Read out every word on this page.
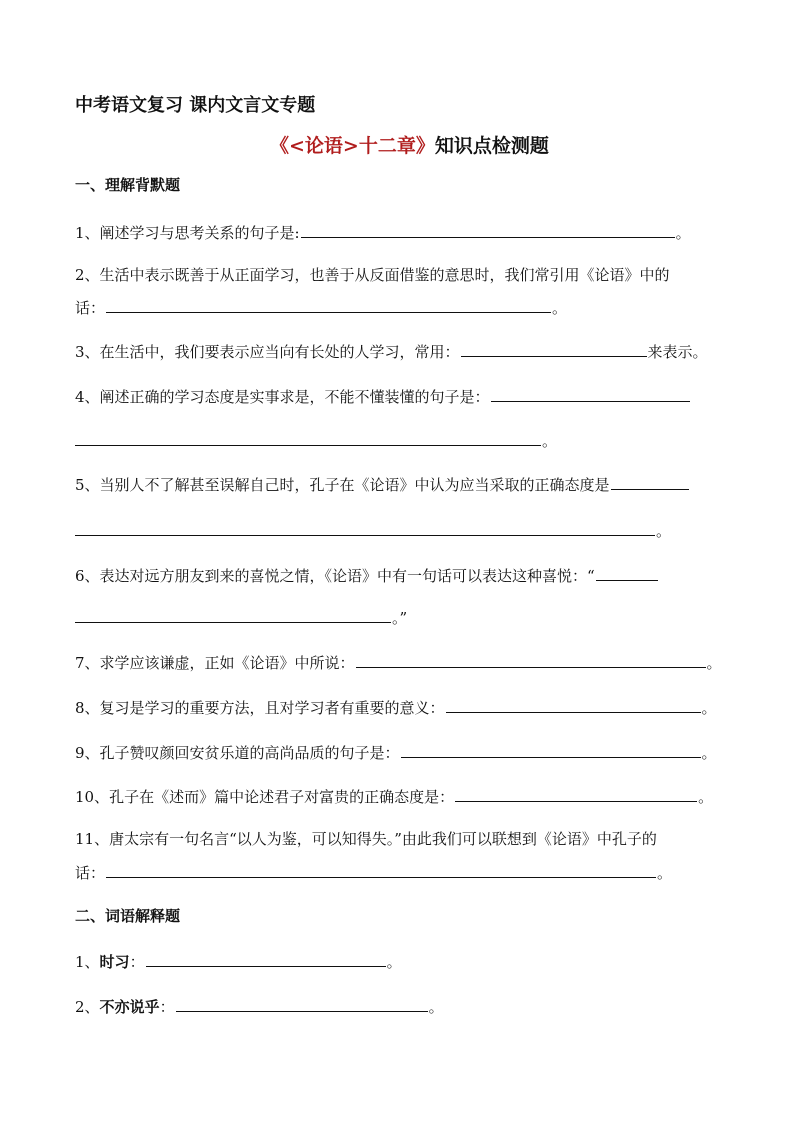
中考语文复习 课内文言文专题
《<论语>十二章》知识点检测题
一、理解背默题
1、阐述学习与思考关系的句子是:	。
2、生活中表示既善于从正面学习，也善于从反面借鉴的意思时，我们常引用《论语》中的
话：	。
3、在生活中，我们要表示应当向有长处的人学习，常用：	来表示。
4、阐述正确的学习态度是实事求是，不能不懂装懂的句子是：
。
5、当别人不了解甚至误解自己时，孔子在《论语》中认为应当采取的正确态度是
。
6、表达对远方朋友到来的喜悦之情，《论语》中有一句话可以表达这种喜悦：“
。”
7、求学应该谦虚，正如《论语》中所说：	。
8、复习是学习的重要方法，且对学习者有重要的意义：	。
9、孔子赞叹颜回安贫乐道的高尚品质的句子是：	。
10、孔子在《述而》篇中论述君子对富贵的正确态度是：	。
11、唐太宗有一句名言“以人为鉴，可以知得失。”由此我们可以联想到《论语》中孔子的
话：	。
二、词语解释题
1、时习：	。
2、不亦说乎：	。
